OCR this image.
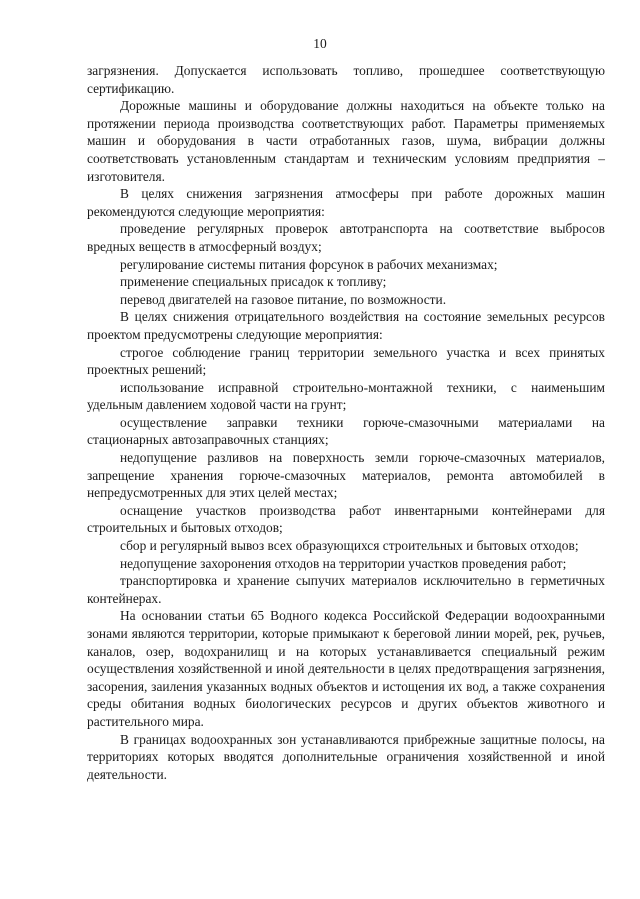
10

загрязнения. Допускается использовать топливо, прошедшее соответствующую сертификацию.

Дорожные машины и оборудование должны находиться на объекте только на протяжении периода производства соответствующих работ. Параметры применяемых машин и оборудования в части отработанных газов, шума, вибрации должны соответствовать установленным стандартам и техническим условиям предприятия – изготовителя.

В целях снижения загрязнения атмосферы при работе дорожных машин рекомендуются следующие мероприятия:

проведение регулярных проверок автотранспорта на соответствие выбросов вредных веществ в атмосферный воздух;

регулирование системы питания форсунок в рабочих механизмах;

применение специальных присадок к топливу;

перевод двигателей на газовое питание, по возможности.

В целях снижения отрицательного воздействия на состояние земельных ресурсов проектом предусмотрены следующие мероприятия:

строгое соблюдение границ территории земельного участка и всех принятых проектных решений;

использование исправной строительно-монтажной техники, с наименьшим удельным давлением ходовой части на грунт;

осуществление заправки техники горюче-смазочными материалами на стационарных автозаправочных станциях;

недопущение разливов на поверхность земли горюче-смазочных материалов, запрещение хранения горюче-смазочных материалов, ремонта автомобилей в непредусмотренных для этих целей местах;

оснащение участков производства работ инвентарными контейнерами для строительных и бытовых отходов;

сбор и регулярный вывоз всех образующихся строительных и бытовых отходов;

недопущение захоронения отходов на территории участков проведения работ;

транспортировка и хранение сыпучих материалов исключительно в герметичных контейнерах.

На основании статьи 65 Водного кодекса Российской Федерации водоохранными зонами являются территории, которые примыкают к береговой линии морей, рек, ручьев, каналов, озер, водохранилищ и на которых устанавливается специальный режим осуществления хозяйственной и иной деятельности в целях предотвращения загрязнения, засорения, заиления указанных водных объектов и истощения их вод, а также сохранения среды обитания водных биологических ресурсов и других объектов животного и растительного мира.

В границах водоохранных зон устанавливаются прибрежные защитные полосы, на территориях которых вводятся дополнительные ограничения хозяйственной и иной деятельности.
